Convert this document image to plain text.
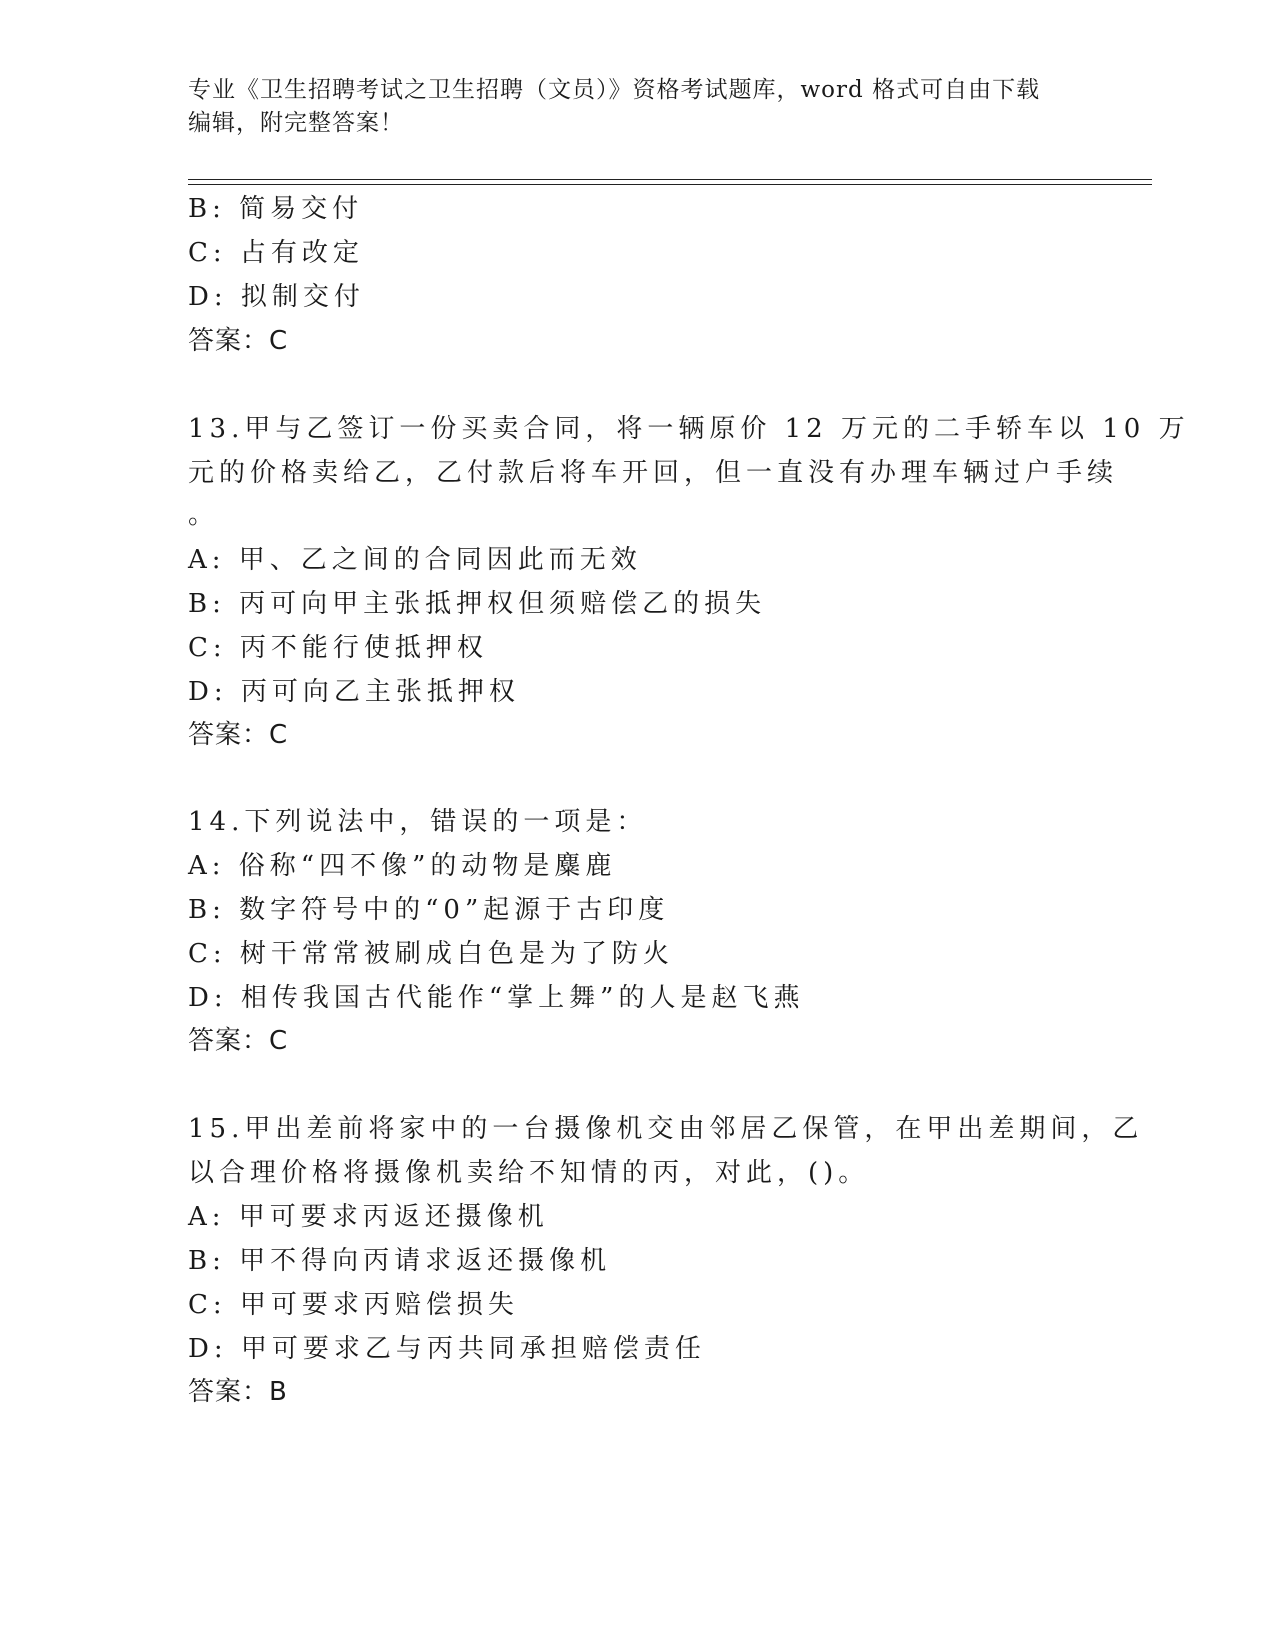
专业《卫生招聘考试之卫生招聘（文员）》资格考试题库，word 格式可自由下载
编辑，附完整答案！
B: 简易交付
C: 占有改定
D: 拟制交付
答案：C
13.甲与乙签订一份买卖合同，将一辆原价 12 万元的二手轿车以 10 万
元的价格卖给乙，乙付款后将车开回，但一直没有办理车辆过户手续
。
A: 甲、乙之间的合同因此而无效
B: 丙可向甲主张抵押权但须赔偿乙的损失
C: 丙不能行使抵押权
D: 丙可向乙主张抵押权
答案：C
14.下列说法中，错误的一项是：
A: 俗称“四不像”的动物是麋鹿
B: 数字符号中的“0”起源于古印度
C: 树干常常被刷成白色是为了防火
D: 相传我国古代能作“掌上舞”的人是赵飞燕
答案：C
15.甲出差前将家中的一台摄像机交由邻居乙保管，在甲出差期间，乙
以合理价格将摄像机卖给不知情的丙，对此，()。
A: 甲可要求丙返还摄像机
B: 甲不得向丙请求返还摄像机
C: 甲可要求丙赔偿损失
D: 甲可要求乙与丙共同承担赔偿责任
答案：B
